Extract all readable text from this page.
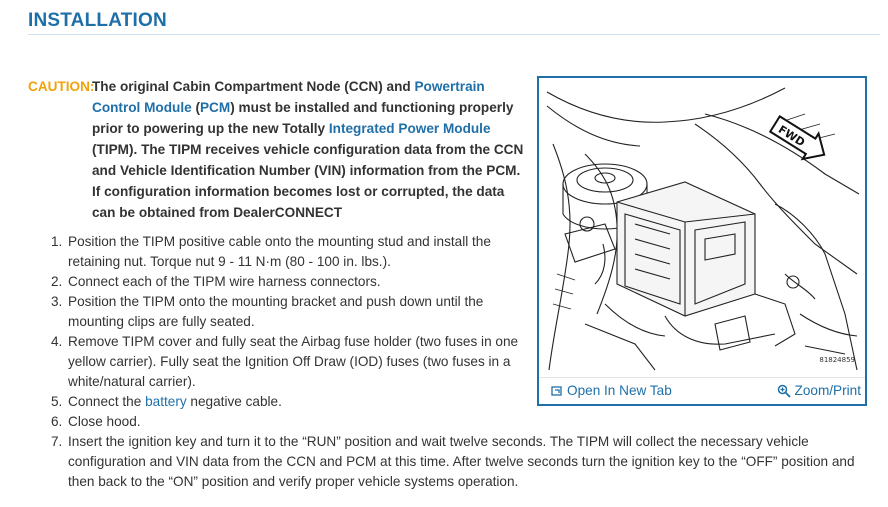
INSTALLATION
CAUTION:
The original Cabin Compartment Node (CCN) and Powertrain Control Module (PCM) must be installed and functioning properly prior to powering up the new Totally Integrated Power Module (TIPM). The TIPM receives vehicle configuration data from the CCN and Vehicle Identification Number (VIN) information from the PCM. If configuration information becomes lost or corrupted, the data can be obtained from DealerCONNECT
1. Position the TIPM positive cable onto the mounting stud and install the retaining nut. Torque nut 9 - 11 N·m (80 - 100 in. lbs.).
2. Connect each of the TIPM wire harness connectors.
3. Position the TIPM onto the mounting bracket and push down until the mounting clips are fully seated.
4. Remove TIPM cover and fully seat the Airbag fuse holder (two fuses in one yellow carrier). Fully seat the Ignition Off Draw (IOD) fuses (two fuses in a white/natural carrier).
5. Connect the battery negative cable.
6. Close hood.
7. Insert the ignition key and turn it to the “RUN” position and wait twelve seconds. The TIPM will collect the necessary vehicle configuration and VIN data from the CCN and PCM at this time. After twelve seconds turn the ignition key to the “OFF” position and then back to the “ON” position and verify proper vehicle systems operation.
FWD
81824859
Open In New Tab	Zoom/Print
